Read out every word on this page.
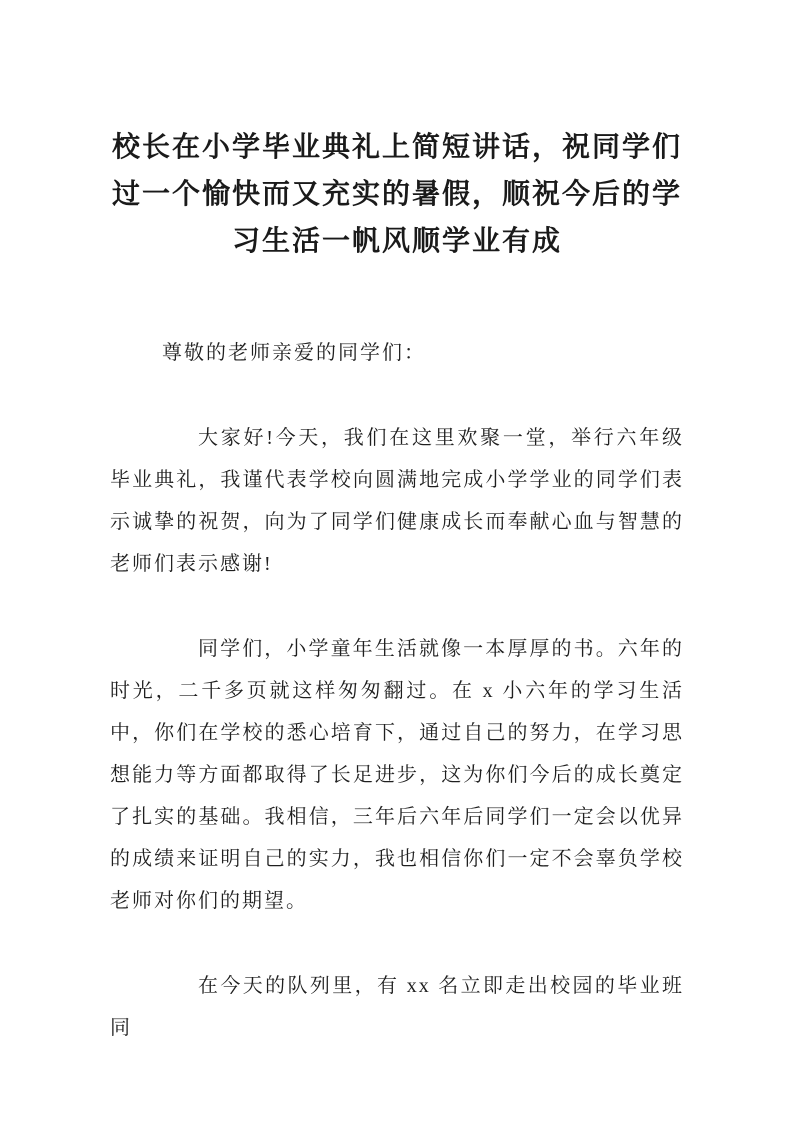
校长在小学毕业典礼上简短讲话，祝同学们过一个愉快而又充实的暑假，顺祝今后的学习生活一帆风顺学业有成

尊敬的老师亲爱的同学们：

大家好!今天，我们在这里欢聚一堂，举行六年级毕业典礼，我谨代表学校向圆满地完成小学学业的同学们表示诚挚的祝贺，向为了同学们健康成长而奉献心血与智慧的老师们表示感谢!

同学们，小学童年生活就像一本厚厚的书。六年的时光，二千多页就这样匆匆翻过。在 x 小六年的学习生活中，你们在学校的悉心培育下，通过自己的努力，在学习思想能力等方面都取得了长足进步，这为你们今后的成长奠定了扎实的基础。我相信，三年后六年后同学们一定会以优异的成绩来证明自己的实力，我也相信你们一定不会辜负学校老师对你们的期望。

在今天的队列里，有 xx 名立即走出校园的毕业班同
